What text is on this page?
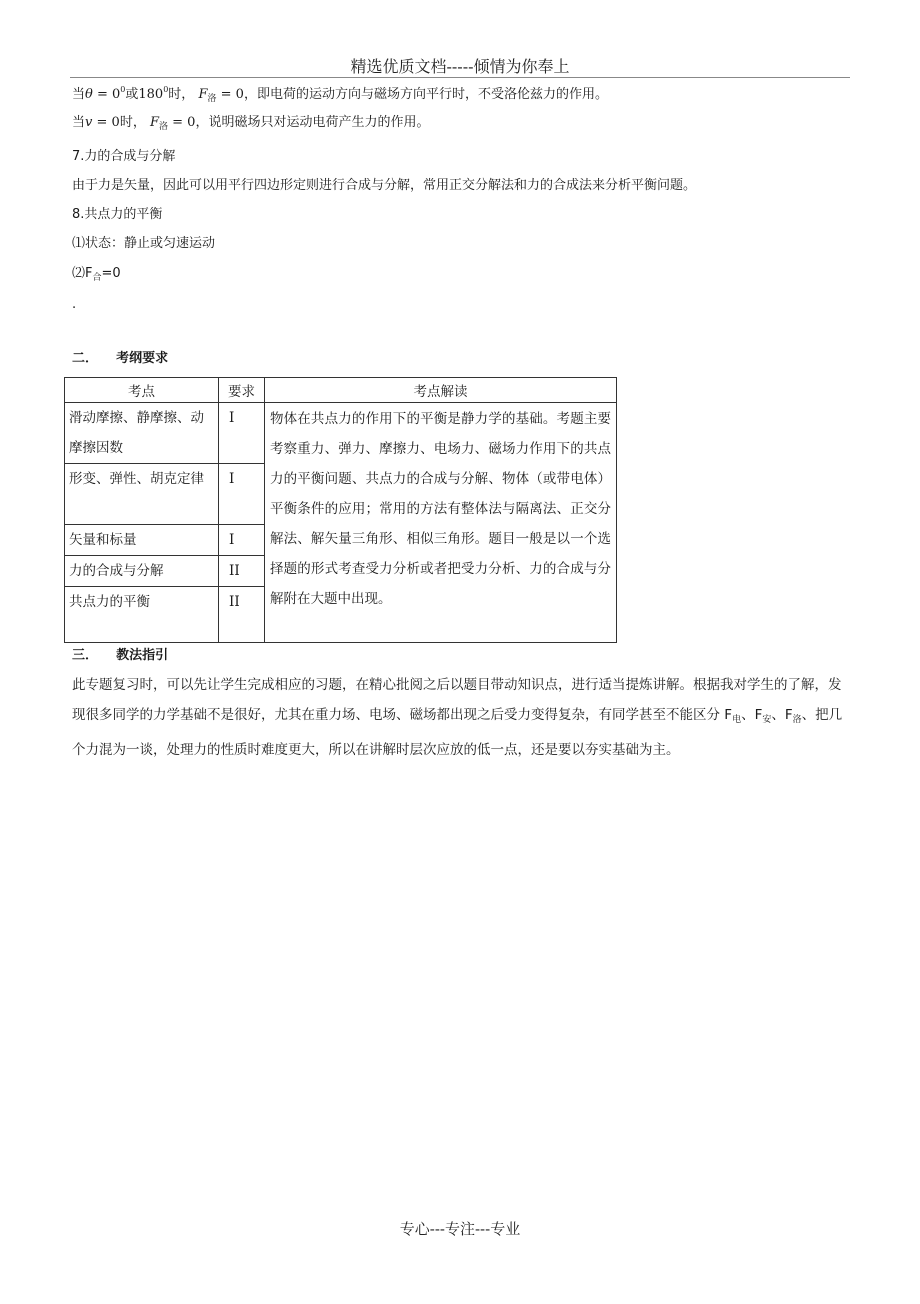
精选优质文档-----倾情为你奉上
当$\theta = 0^0$或$180^0$时， $F_洛 = 0$，即电荷的运动方向与磁场方向平行时，不受洛伦兹力的作用。
当v = 0时， $F_洛 = 0$，说明磁场只对运动电荷产生力的作用。
7.力的合成与分解
由于力是矢量，因此可以用平行四边形定则进行合成与分解，常用正交分解法和力的合成法来分析平衡问题。
8.共点力的平衡
⑴状态：静止或匀速运动
$⑵F_合=0$
.
二．    考纲要求
考点	要求	考点解读
滑动摩擦、静摩擦、动摩擦因数	I	物体在共点力的作用下的平衡是静力学的基础。考题主要考察重力、弹力、摩擦力、电场力、磁场力作用下的共点力的平衡问题、共点力的合成与分解、物体（或带电体）平衡条件的应用；常用的方法有整体法与隔离法、正交分解法、解矢量三角形、相似三角形。题目一般是以一个选择题的形式考查受力分析或者把受力分析、力的合成与分解附在大题中出现。
形变、弹性、胡克定律	I	
矢量和标量	I	
力的合成与分解	II	
共点力的平衡	II	
三．    教法指引
此专题复习时，可以先让学生完成相应的习题，在精心批阅之后以题目带动知识点，进行适当提炼讲解。根据我对学生的了解，发现很多同学的力学基础不是很好，尤其在重力场、电场、磁场都出现之后受力变得复杂，有同学甚至不能区分 $F_电$、$F_安$、$F_洛$、把几个力混为一谈，处理力的性质时难度更大，所以在讲解时层次应放的低一点，还是要以夯实基础为主。
专心---专注---专业
